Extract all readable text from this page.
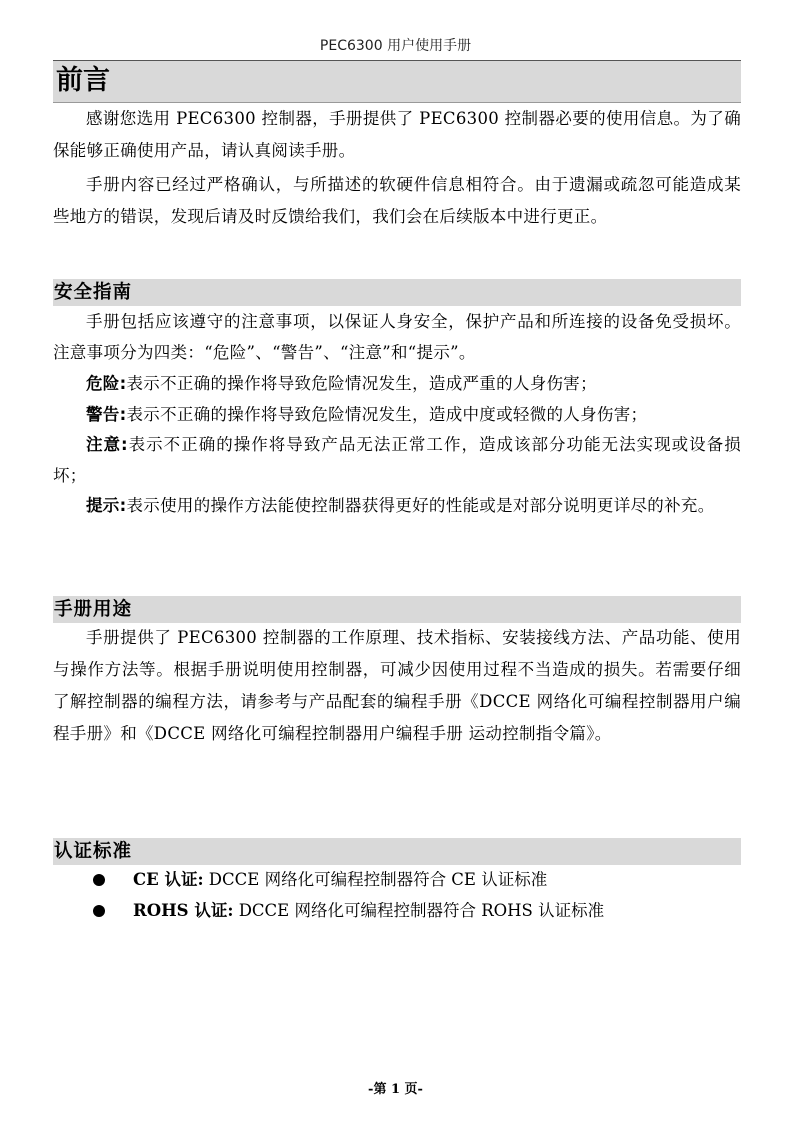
PEC6300 用户使用手册
前言

感谢您选用 PEC6300 控制器，手册提供了 PEC6300 控制器必要的使用信息。为了确保能够正确使用产品，请认真阅读手册。

手册内容已经过严格确认，与所描述的软硬件信息相符合。由于遗漏或疏忽可能造成某些地方的错误，发现后请及时反馈给我们，我们会在后续版本中进行更正。

安全指南

手册包括应该遵守的注意事项，以保证人身安全，保护产品和所连接的设备免受损坏。注意事项分为四类：“危险”、“警告”、“注意”和“提示”。

危险:表示不正确的操作将导致危险情况发生，造成严重的人身伤害；

警告:表示不正确的操作将导致危险情况发生，造成中度或轻微的人身伤害；

注意:表示不正确的操作将导致产品无法正常工作，造成该部分功能无法实现或设备损坏；

提示:表示使用的操作方法能使控制器获得更好的性能或是对部分说明更详尽的补充。

手册用途

手册提供了 PEC6300 控制器的工作原理、技术指标、安装接线方法、产品功能、使用与操作方法等。根据手册说明使用控制器，可减少因使用过程不当造成的损失。若需要仔细了解控制器的编程方法，请参考与产品配套的编程手册《DCCE 网络化可编程控制器用户编程手册》和《DCCE 网络化可编程控制器用户编程手册 运动控制指令篇》。

认证标准
CE 认证: DCCE 网络化可编程控制器符合 CE 认证标准
ROHS 认证: DCCE 网络化可编程控制器符合 ROHS 认证标准
-第 1 页-
